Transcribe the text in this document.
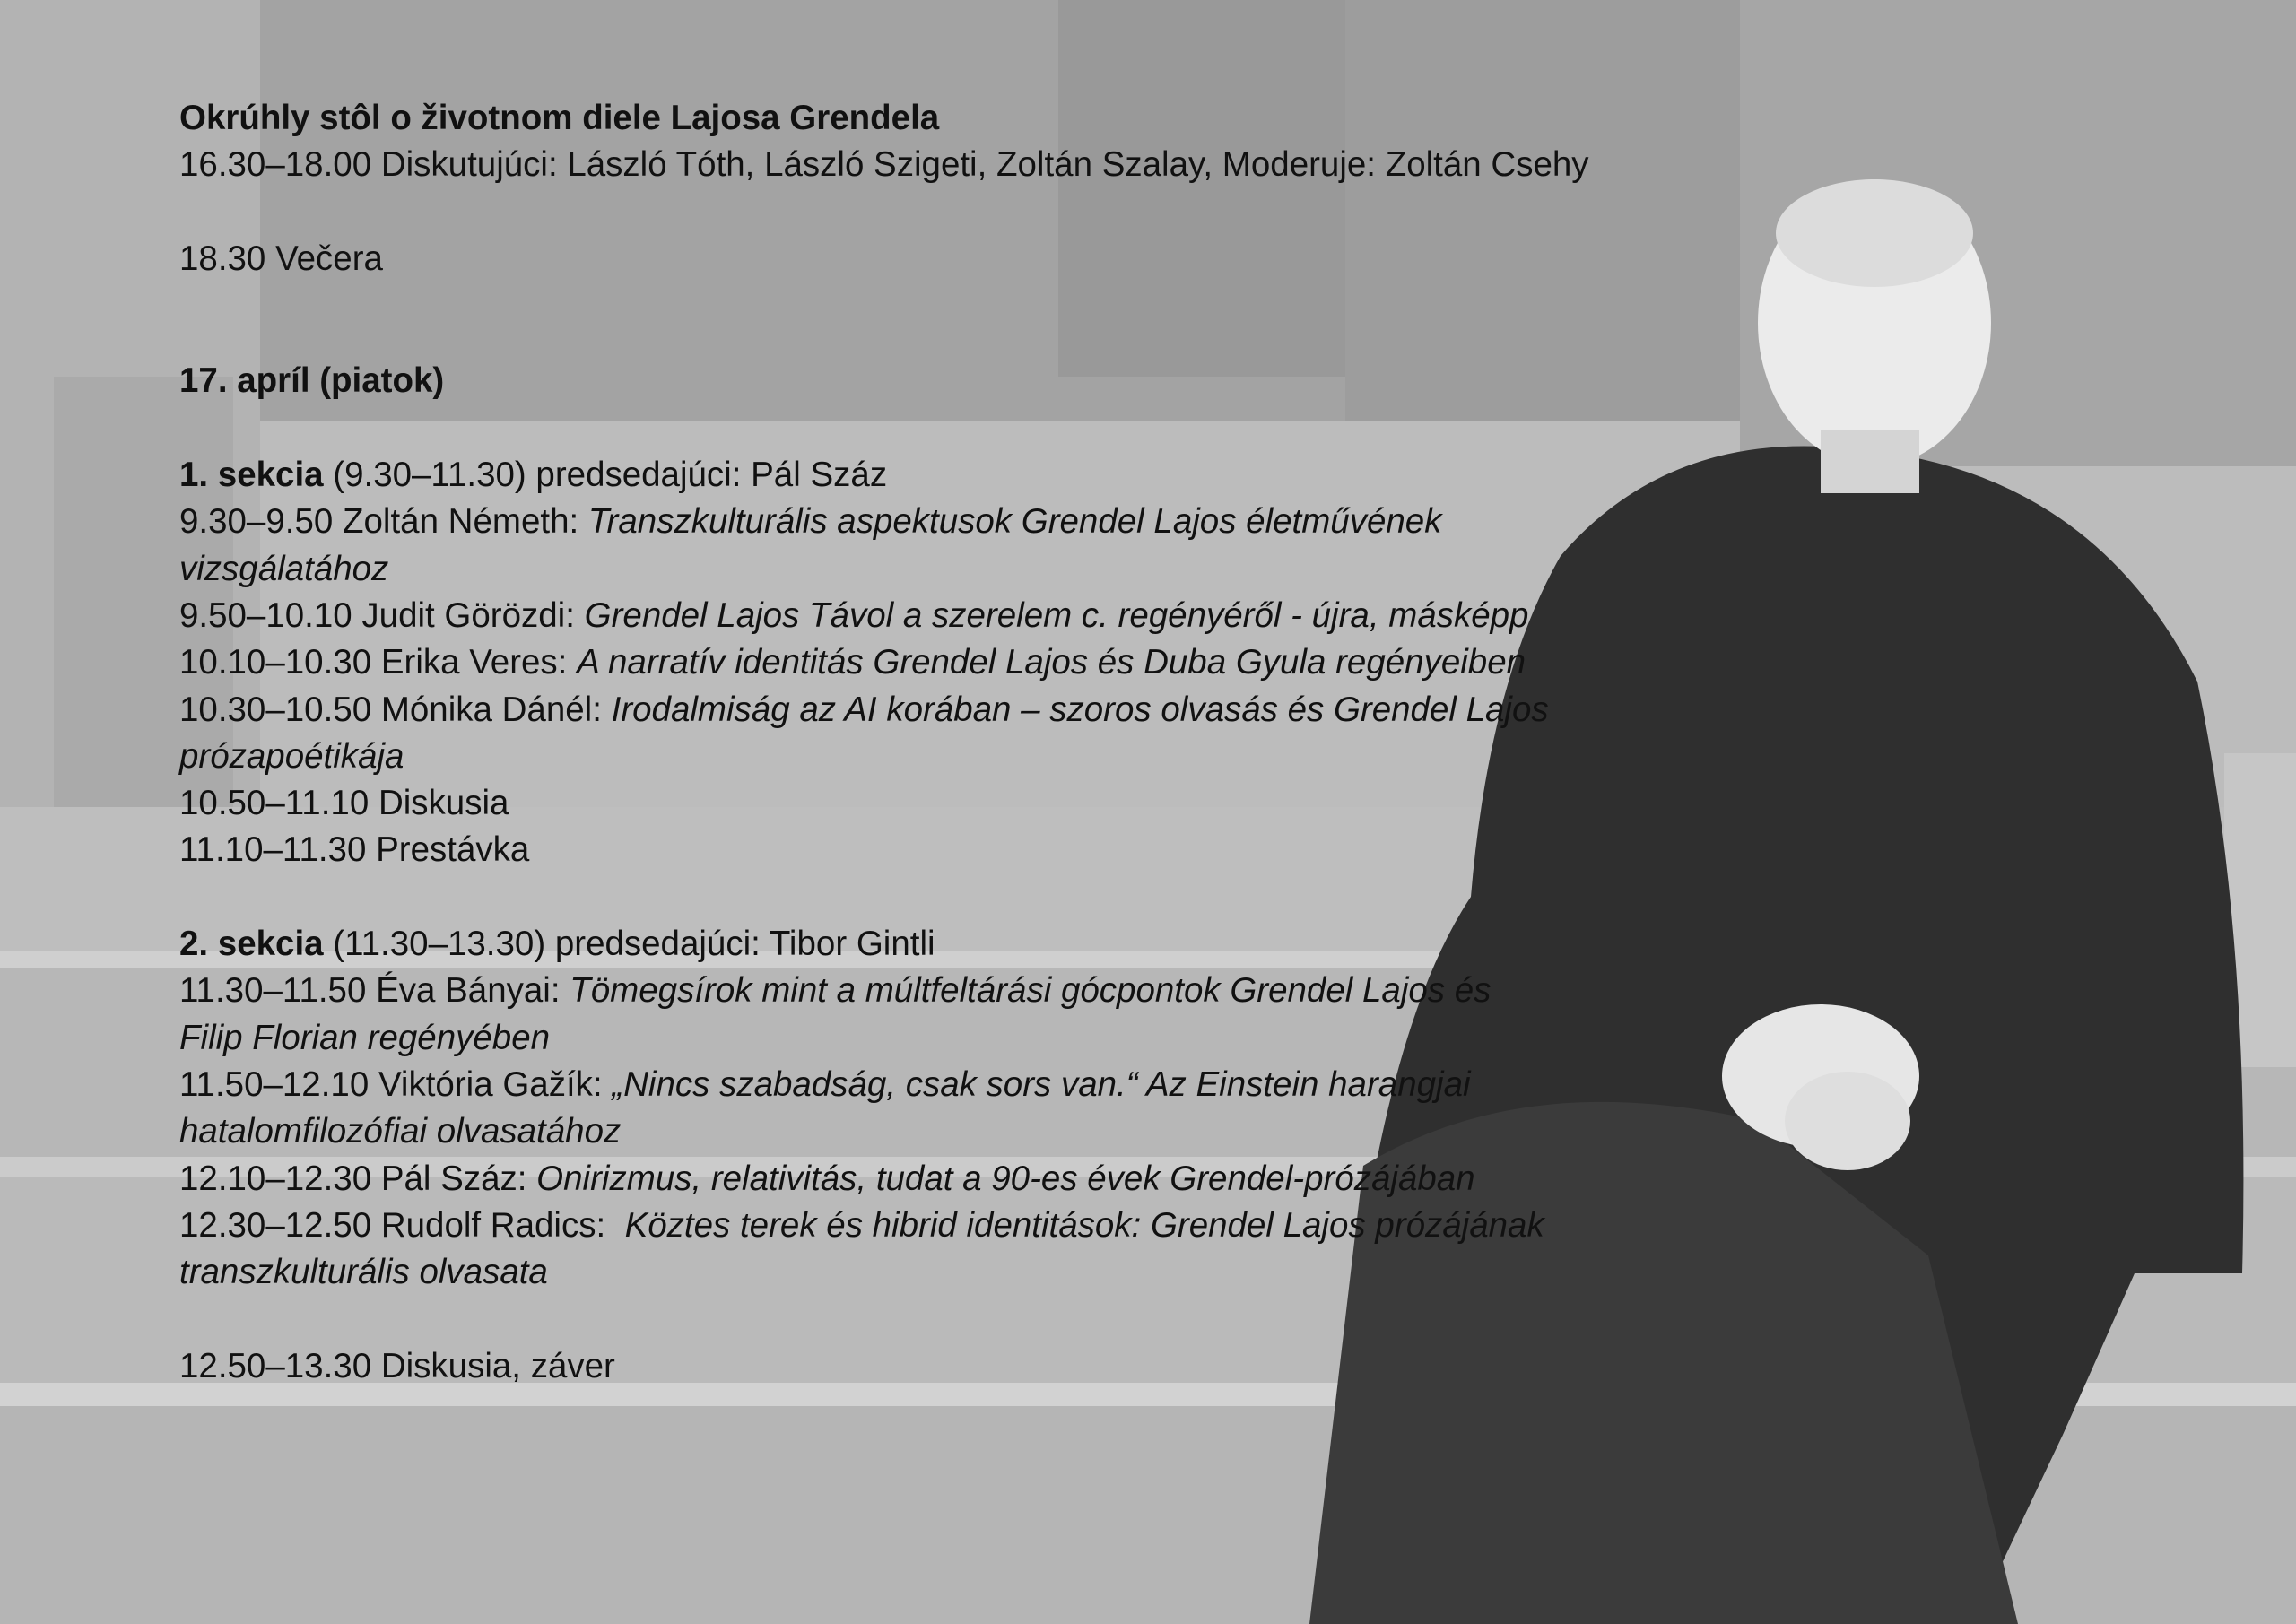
Okrúhly stôl o životnom diele Lajosa Grendela
16.30–18.00 Diskutujúci: László Tóth, László Szigeti, Zoltán Szalay, Moderuje: Zoltán Csehy
18.30 Večera
17. apríl (piatok)
1. sekcia (9.30–11.30) predsedajúci: Pál Száz
9.30–9.50 Zoltán Németh: Transzkulturális aspektusok Grendel Lajos életművének
vizsgálatához
9.50–10.10 Judit Görözdi: Grendel Lajos Távol a szerelem c. regényéről - újra, másképp
10.10–10.30 Erika Veres: A narratív identitás Grendel Lajos és Duba Gyula regényeiben
10.30–10.50 Mónika Dánél: Irodalmiság az AI korában – szoros olvasás és Grendel Lajos
prózapoétikája
10.50–11.10 Diskusia
11.10–11.30 Prestávka
2. sekcia (11.30–13.30) predsedajúci: Tibor Gintli
11.30–11.50 Éva Bányai: Tömegsírok mint a múltfeltárási gócpontok Grendel Lajos és
Filip Florian regényében
11.50–12.10 Viktória Gažík: „Nincs szabadság, csak sors van.“ Az Einstein harangjai
hatalomfilozófiai olvasatához
12.10–12.30 Pál Száz: Onirizmus, relativitás, tudat a 90-es évek Grendel-prózájában
12.30–12.50 Rudolf Radics: Köztes terek és hibrid identitások: Grendel Lajos prózájának
transzkulturális olvasata
12.50–13.30 Diskusia, záver
